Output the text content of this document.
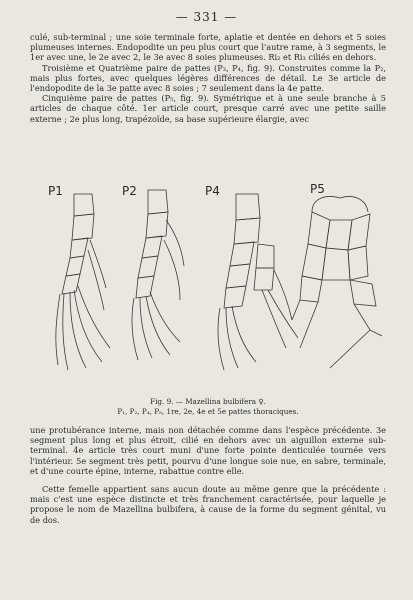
— 331 —

culé, sub-terminal ; une soie terminale forte, aplatie et dentée en dehors et 5 soies plumeuses internes. Endopodite un peu plus court que l'autre rame, à 3 segments, le 1er avec une, le 2e avec 2, le 3e avec 8 soies plumeuses. Ri₂ et Ri₃ ciliés en dehors.

Troisième et Quatrième paire de pattes (P₃, P₄, fig. 9). Construites comme la P₂, mais plus fortes, avec quelques légères différences de détail. Le 3e article de l'endopodite de la 3e patte avec 8 soies ; 7 seulement dans la 4e patte.

Cinquième paire de pattes (P₅, fig. 9). Symétrique et à une seule branche à 5 articles de chaque côté. 1er article court, presque carré avec une petite saille externe ; 2e plus long, trapézoïde, sa base supérieure élargie, avec

P1	P2	P4	P5
Fig. 9. — Mazellina bulbifera ♀.
P₁, P₂, P₄, P₅, 1re, 2e, 4e et 5e pattes thoraciques.

une protubérance interne, mais non détachée comme dans l'espèce précédente. 3e segment plus long et plus étroit, cilié en dehors avec un aiguillon externe sub-terminal. 4e article très court muni d'une forte pointe denticulée tournée vers l'intérieur. 5e segment très petit, pourvu d'une longue soie nue, en sabre, terminale, et d'une courte épine, interne, rabattue contre elle.

Cette femelle appartient sans aucun doute au même genre que la précédente : mais c'est une espèce distincte et très franchement caractérisée, pour laquelle je propose le nom de Mazellina bulbifera, à cause de la forme du segment génital, vu de dos.
